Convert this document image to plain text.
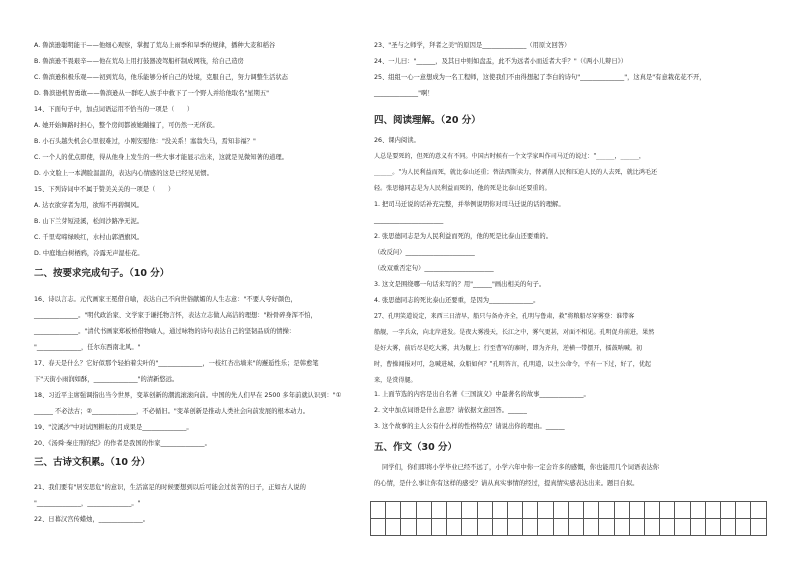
A. 鲁滨逊聪明能干——他细心观察，掌握了荒岛上雨季和旱季的规律，播种大麦和稻谷
B. 鲁滨逊不畏艰辛——他在荒岛上用打鼓器凌驾船杆制成网筏，给自己造房
C. 鲁滨逊积极乐观——初到荒岛，他乐能够分析自己的处境，克服自己，努力调整生活状态
D. 鲁滨逊机智勇敢——鲁滨逊从一群吃人族手中救下了一个野人并给他取名"星期五"
14、下面句子中，加点词语运用不恰当的一项是（　　）
A. 她开始舞路时担心，整个房间都被她蹦撞了，可仍然一无所获。
B. 小石头越失机会心里很难过，小刚安慰他："没关系！塞翁失马，焉知非福？"
C. 一个人的优点即使，得从他身上发生的一些大事才能显示出来，这就是见微知著的道理。
D. 小文脸上一本满脸温温的，表达内心情感的这是已经见见惯。
15、下列诗词中不属于赞美关关的一项是（　　）
A. 达衣欲穿者为用，欲绵不再碧绸风。
B. 山下兰芽短浸溪，松间沙路净无泥。
C. 千里莺啼绿映红，水村山郭酒旗风。
D. 中庭地白树栖鸦，冷露无声湿桂花。
16、诗以言志。元代画家王冕借自喻，表达自己不向世俗献媚的人生志意："不要人夸好颜色，
______________。"明代政治家、文学家于谦托物言怀，表达立志做人高洁的理想："粉骨碎身浑不怕，
______________。"清代书画家郑板桥借物喻人，通过咏物的诗句表达自己的坚韧品质的情操：
"______________，任尔东西南北风。"
17、春天是什么？它好似那个轻拍着尖叶的"______________，一枝红杏出墙来"的邂逅性乐；是韩愈笔
下"天街小雨润如酥，______________"的清新悠远。
18、习近平主席强调指出当今世界，变革创新的潮流滚滚向前。中国的先人们早在 2500 多年前就认识到："①
______ 不必法古；②______________，不必循旧。"变革创新是推动人类社会向前发展的根本动力。
19、"浣溪沙"中对试图耕耘的月成果是______________。
20、《汤舜·秦庄刑的纪》的作者是我国的作家______________。
21、我们要有"居安思危"的意识，生活富足的时候要想到以后可能会过贫苦的日子，正如古人说的
"______________，______________。"
22、日暮汉宫传蜡烛，______________。
二、按要求完成句子。（10 分）
三、古诗文积累。（10 分）
23、"圣与之师学，拜者之美"的原因是______________（用原文回答）
24、一儿曰："______，及其日中则如盘盂，此不为远者小而近者大乎？"（《两小儿辩日》）
25、组组一心一意想成为一名工程师，这使我们不由得想起了李白的诗句"______________"，这真是"有意栽花花不开，
______________"啊！
26、课内阅读。
人总是要死的，但死的意义有不同。中国古时候有一个文学家叫作司马迁的说过："______，______，
______。"为人民利益而死，就比泰山还重；替法西斯卖力，替剥削人民和压迫人民的人去死，就比鸿毛还
轻。张思德同志是为人民利益而死的，他的死是比泰山还要重的。
1. 把司马迁说的话补充完整，并举例说明你对司马迁说的话的理解。
______________________
2. 张思德同志是为人民利益而死的，他的死是比泰山还要重的。
（改反问）______________________
（改双重否定句）______________________
3. 这文是围绕哪一句话来写的？用"______"画出相关的句子。
4. 张思德同志的死比泰山还要重，是因为______________。
27、孔明笑道说定，来西三日清早，船只与备办齐全，孔明与鲁肃，救"将粮船尽穿雾登：谁带客
船舰，一字兵众，向北岸进发。是夜大雾漫天，长江之中，雾气更甚，对面不相见。孔明促舟前进，果然
是好大雾，前后尽是吃大雾，共为舰上；行至曹军的寨时，即为齐舟，逆横一带摆开，擂鼓呐喊。初
时，曹操闻报对可，急喊进城，众船如何？"孔明答言，孔明道，以主公命令，平有一下过，好了，优起
来，是赏得腿。
1. 上面节选的内容是出自名著《三国演义》中最著名的故事______________。
2. 文中加点词语是什么意思？请依据文意回答。______
3. 这个故事的主人公有什么样的性格特点？请说出你的理由。______
同学们，你们即将小学毕业已经不远了，小学六年中你一定会许多的感慨，你也能用几个词语表达你
的心情，是什么事让你有这样的感受？请从真实事情的经过，提真情实感表达出来。题目自拟。
四、阅读理解。（20 分）
五、作文（30 分）
